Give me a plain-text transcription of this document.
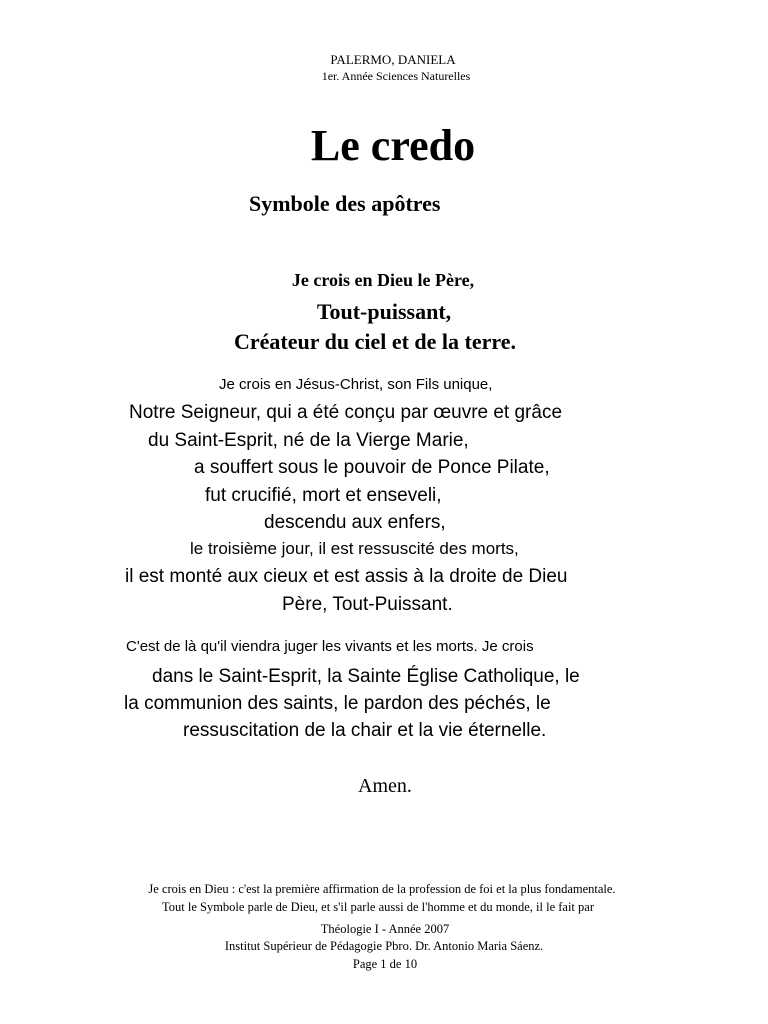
PALERMO, DANIELA
1er. Année Sciences Naturelles
Le credo
Symbole des apôtres
Je crois en Dieu le Père,
Tout-puissant,
Créateur du ciel et de la terre.
Je crois en Jésus-Christ, son Fils unique,
Notre Seigneur, qui a été conçu par œuvre et grâce
du Saint-Esprit, né de la Vierge Marie,
a souffert sous le pouvoir de Ponce Pilate,
fut crucifié, mort et enseveli,
descendu aux enfers,
le troisième jour, il est ressuscité des morts,
il est monté aux cieux et est assis à la droite de Dieu
Père, Tout-Puissant.
C'est de là qu'il viendra juger les vivants et les morts. Je crois
dans le Saint-Esprit, la Sainte Église Catholique, le
la communion des saints, le pardon des péchés, le
ressuscitation de la chair et la vie éternelle.
Amen.
Je crois en Dieu : c'est la première affirmation de la profession de foi et la plus fondamentale.
Tout le Symbole parle de Dieu, et s'il parle aussi de l'homme et du monde, il le fait par
Théologie I - Année 2007
Institut Supérieur de Pédagogie Pbro. Dr. Antonio Maria Sáenz.
Page 1 de 10
